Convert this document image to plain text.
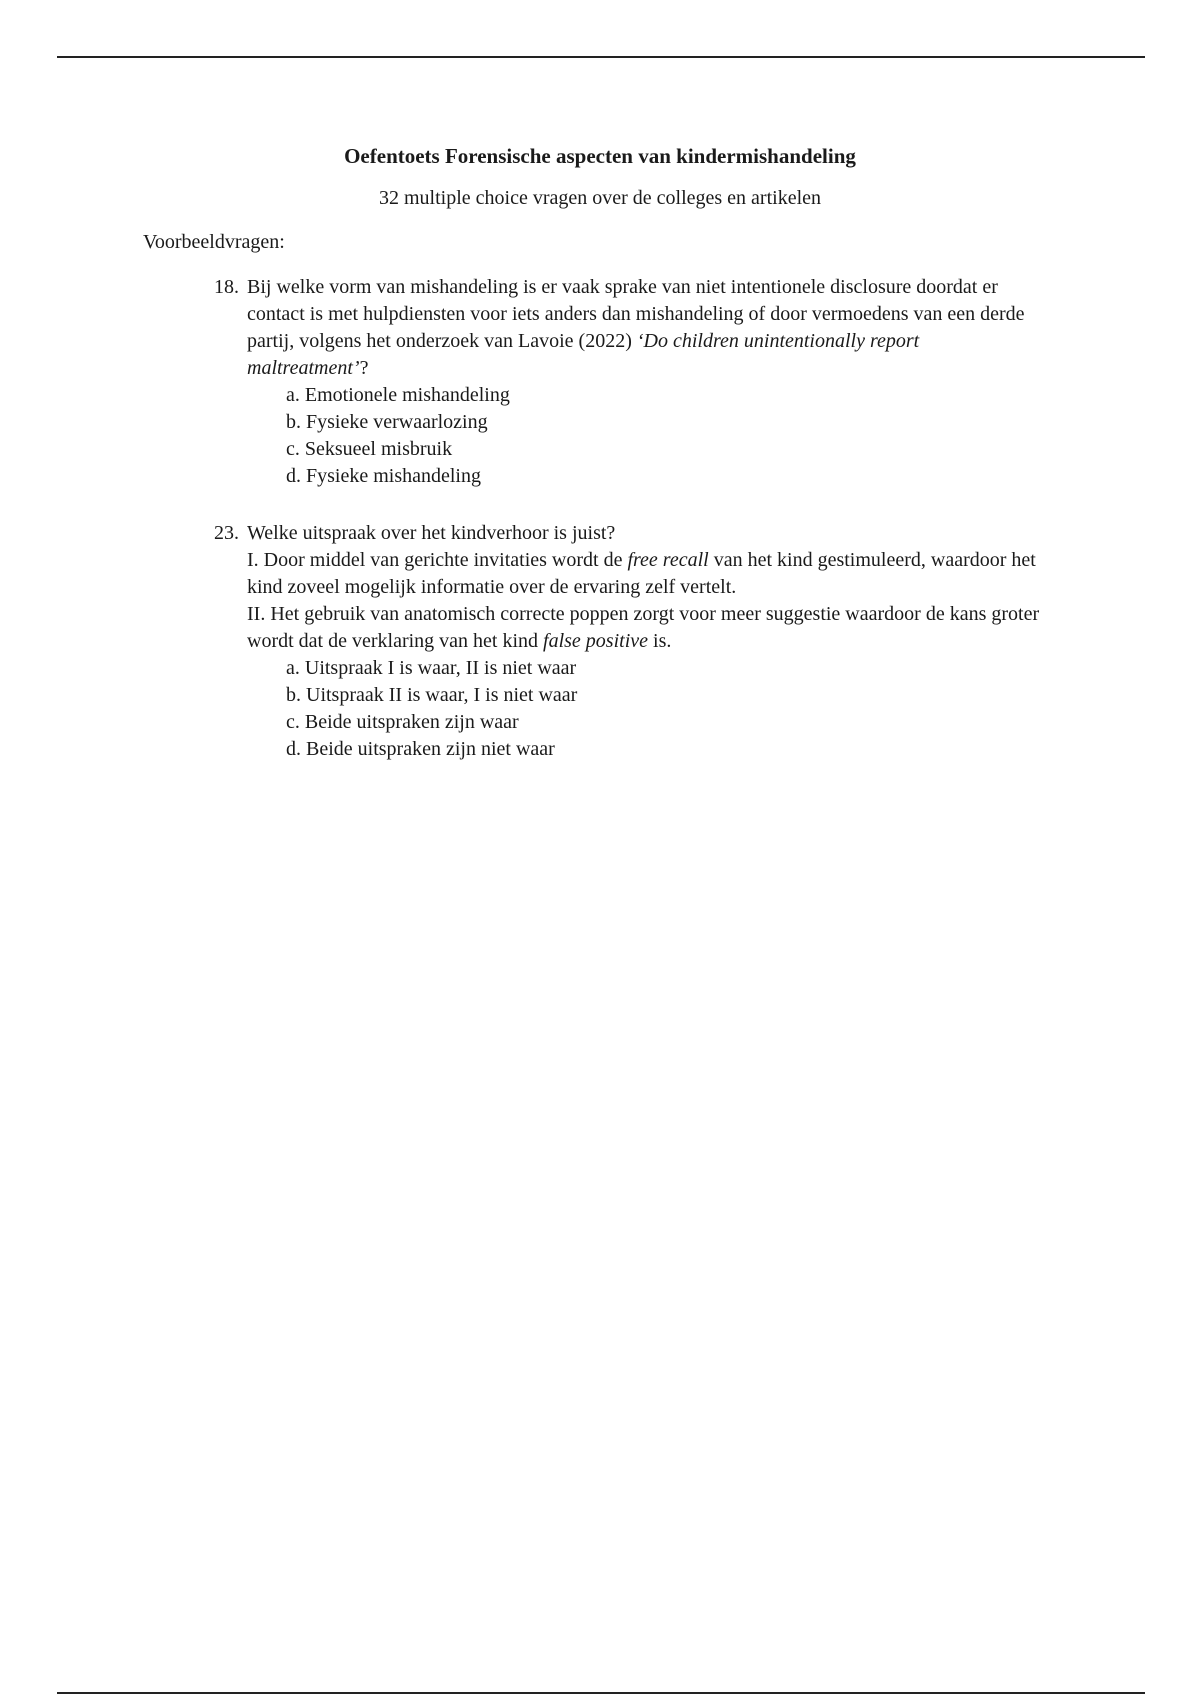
Oefentoets Forensische aspecten van kindermishandeling
32 multiple choice vragen over de colleges en artikelen
Voorbeeldvragen:
18. Bij welke vorm van mishandeling is er vaak sprake van niet intentionele disclosure doordat er contact is met hulpdiensten voor iets anders dan mishandeling of door vermoedens van een derde partij, volgens het onderzoek van Lavoie (2022) ‘Do children unintentionally report maltreatment’?
a. Emotionele mishandeling
b. Fysieke verwaarlozing
c. Seksueel misbruik
d. Fysieke mishandeling
23. Welke uitspraak over het kindverhoor is juist?
I. Door middel van gerichte invitaties wordt de free recall van het kind gestimuleerd, waardoor het kind zoveel mogelijk informatie over de ervaring zelf vertelt.
II. Het gebruik van anatomisch correcte poppen zorgt voor meer suggestie waardoor de kans groter wordt dat de verklaring van het kind false positive is.
a. Uitspraak I is waar, II is niet waar
b. Uitspraak II is waar, I is niet waar
c. Beide uitspraken zijn waar
d. Beide uitspraken zijn niet waar
